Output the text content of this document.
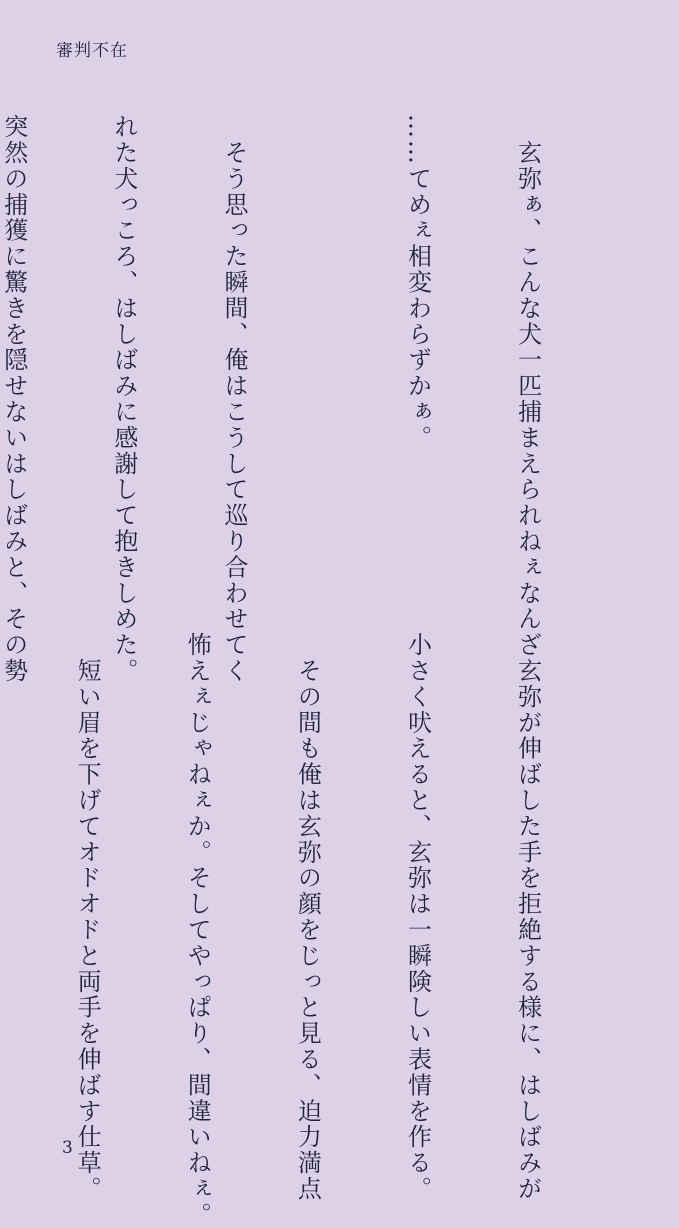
審判不在

　玄弥ぁ、こんな犬一匹捕まえられねぇなんざ

……てめぇ相変わらずかぁ。

　そう思った瞬間、俺はこうして巡り合わせてく

れた犬っころ、はしばみに感謝して抱きしめた。

突然の捕獲に驚きを隠せないはしばみと、その勢

　玄弥が伸ばした手を拒絶する様に、はしばみが

小さく吠えると、玄弥は一瞬険しい表情を作る。

　その間も俺は玄弥の顔をじっと見る、迫力満点

怖えぇじゃねぇか。そしてやっぱり、間違いねぇ。

　短い眉を下げてオドオドと両手を伸ばす仕草。

3
